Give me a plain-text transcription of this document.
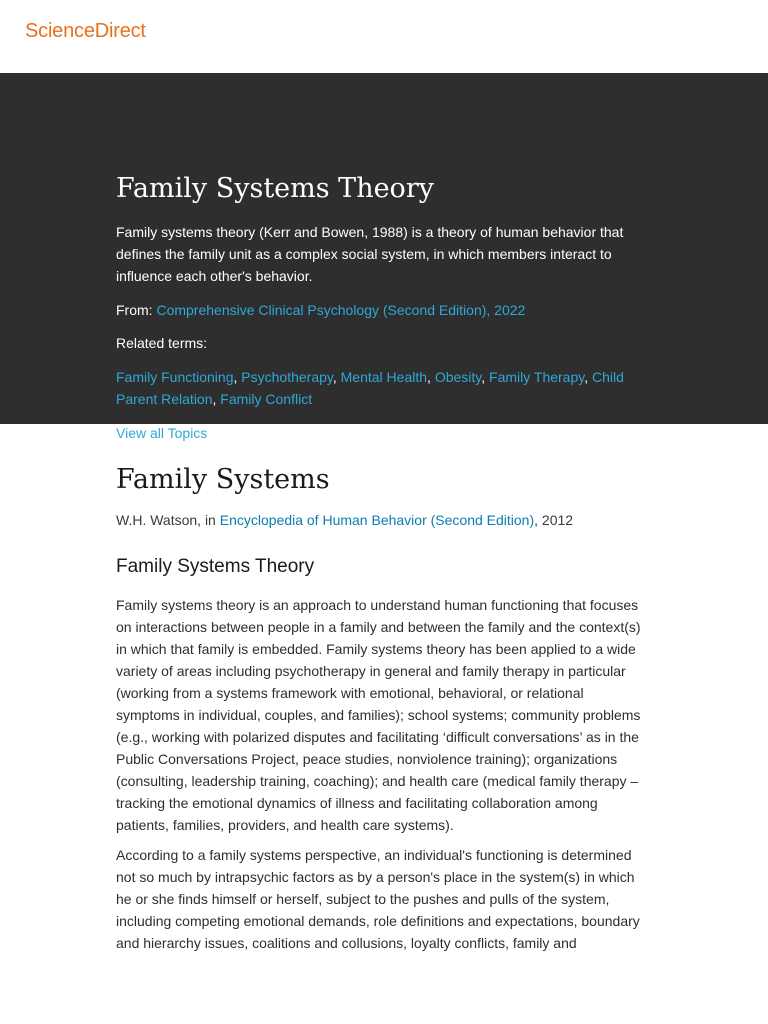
ScienceDirect
Family Systems Theory

Family systems theory (Kerr and Bowen, 1988) is a theory of human behavior that defines the family unit as a complex social system, in which members interact to influence each other's behavior.

From: Comprehensive Clinical Psychology (Second Edition), 2022

Related terms:

Family Functioning, Psychotherapy, Mental Health, Obesity, Family Therapy, Child Parent Relation, Family Conflict

View all Topics

Family Systems

W.H. Watson, in Encyclopedia of Human Behavior (Second Edition), 2012

Family Systems Theory

Family systems theory is an approach to understand human functioning that focuses on interactions between people in a family and between the family and the context(s) in which that family is embedded. Family systems theory has been applied to a wide variety of areas including psychotherapy in general and family therapy in particular (working from a systems framework with emotional, behavioral, or relational symptoms in individual, couples, and families); school systems; community problems (e.g., working with polarized disputes and facilitating ‘difficult conversations’ as in the Public Conversations Project, peace studies, nonviolence training); organizations (consulting, leadership training, coaching); and health care (medical family therapy – tracking the emotional dynamics of illness and facilitating collaboration among patients, families, providers, and health care systems).

According to a family systems perspective, an individual's functioning is determined not so much by intrapsychic factors as by a person's place in the system(s) in which he or she finds himself or herself, subject to the pushes and pulls of the system, including competing emotional demands, role definitions and expectations, boundary and hierarchy issues, coalitions and collusions, loyalty conflicts, family and
